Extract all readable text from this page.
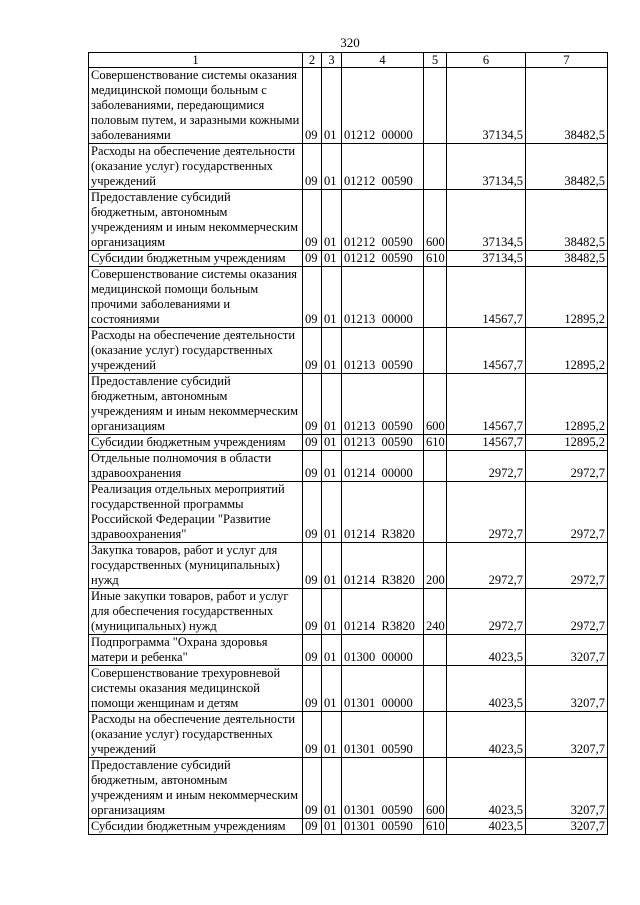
320
1	2	3	4	5	6	7
Совершенствование системы оказания медицинской помощи больным с заболеваниями, передающимися половым путем, и заразными кожными заболеваниями	09	01	01212  00000		37134,5	38482,5
Расходы на обеспечение деятельности (оказание услуг) государственных учреждений	09	01	01212  00590		37134,5	38482,5
Предоставление субсидий бюджетным, автономным учреждениям и иным некоммерческим организациям	09	01	01212  00590	600	37134,5	38482,5
Субсидии бюджетным учреждениям	09	01	01212  00590	610	37134,5	38482,5
Совершенствование системы оказания медицинской помощи больным прочими заболеваниями и состояниями	09	01	01213  00000		14567,7	12895,2
Расходы на обеспечение деятельности (оказание услуг) государственных учреждений	09	01	01213  00590		14567,7	12895,2
Предоставление субсидий бюджетным, автономным учреждениям и иным некоммерческим организациям	09	01	01213  00590	600	14567,7	12895,2
Субсидии бюджетным учреждениям	09	01	01213  00590	610	14567,7	12895,2
Отдельные полномочия в области здравоохранения	09	01	01214  00000		2972,7	2972,7
Реализация отдельных мероприятий государственной программы Российской Федерации "Развитие здравоохранения"	09	01	01214  R3820		2972,7	2972,7
Закупка товаров, работ и услуг для государственных (муниципальных) нужд	09	01	01214  R3820	200	2972,7	2972,7
Иные закупки товаров, работ и услуг для обеспечения государственных (муниципальных) нужд	09	01	01214  R3820	240	2972,7	2972,7
Подпрограмма "Охрана здоровья матери и ребенка"	09	01	01300  00000		4023,5	3207,7
Совершенствование трехуровневой системы оказания медицинской помощи женщинам и детям	09	01	01301  00000		4023,5	3207,7
Расходы на обеспечение деятельности (оказание услуг) государственных учреждений	09	01	01301  00590		4023,5	3207,7
Предоставление субсидий бюджетным, автономным учреждениям и иным некоммерческим организациям	09	01	01301  00590	600	4023,5	3207,7
Субсидии бюджетным учреждениям	09	01	01301  00590	610	4023,5	3207,7
